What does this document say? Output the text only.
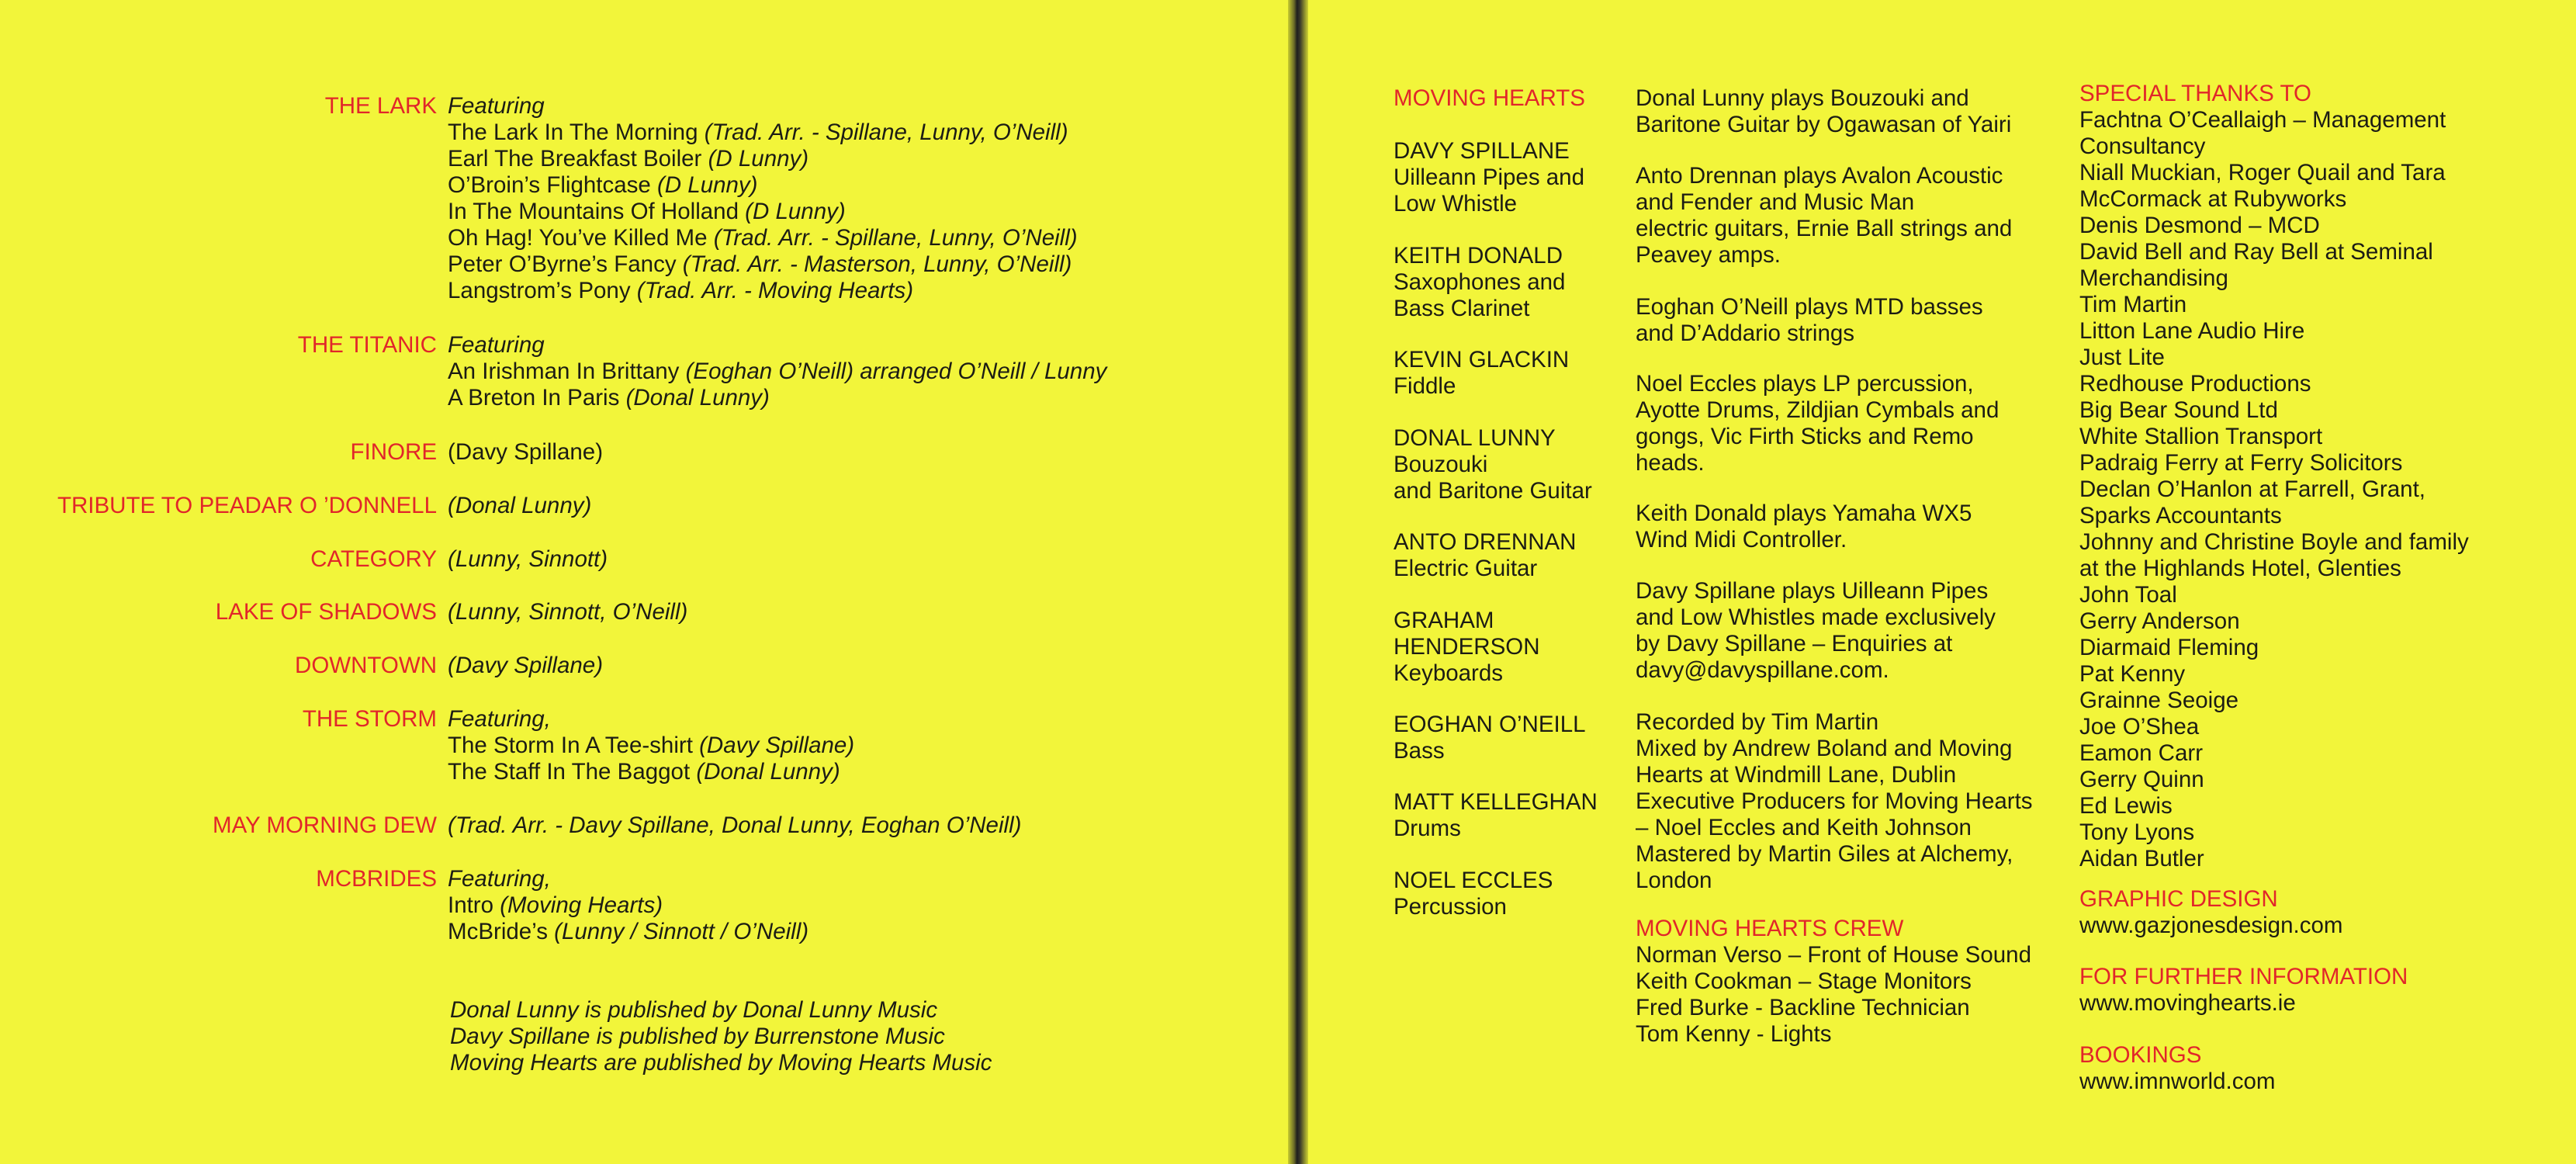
THE LARK Featuring
The Lark In The Morning (Trad. Arr. - Spillane, Lunny, O’Neill)
Earl The Breakfast Boiler (D Lunny)
O’Broin’s Flightcase (D Lunny)
In The Mountains Of Holland (D Lunny)
Oh Hag! You’ve Killed Me (Trad. Arr. - Spillane, Lunny, O’Neill)
Peter O’Byrne’s Fancy (Trad. Arr. - Masterson, Lunny, O’Neill)
Langstrom’s Pony (Trad. Arr. - Moving Hearts)
THE TITANIC Featuring
An Irishman In Brittany (Eoghan O’Neill) arranged O’Neill / Lunny
A Breton In Paris (Donal Lunny)
FINORE (Davy Spillane)
TRIBUTE TO PEADAR O ’DONNELL (Donal Lunny)
CATEGORY (Lunny, Sinnott)
LAKE OF SHADOWS (Lunny, Sinnott, O’Neill)
DOWNTOWN (Davy Spillane)
THE STORM Featuring,
The Storm In A Tee-shirt (Davy Spillane)
The Staff In The Baggot (Donal Lunny)
MAY MORNING DEW (Trad. Arr. - Davy Spillane, Donal Lunny, Eoghan O’Neill)
MCBRIDES Featuring,
Intro (Moving Hearts)
McBride’s (Lunny / Sinnott / O’Neill)
Donal Lunny is published by Donal Lunny Music
Davy Spillane is published by Burrenstone Music
Moving Hearts are published by Moving Hearts Music
MOVING HEARTS
DAVY SPILLANE
Uilleann Pipes and
Low Whistle
KEITH DONALD
Saxophones and
Bass Clarinet
KEVIN GLACKIN
Fiddle
DONAL LUNNY
Bouzouki
and Baritone Guitar
ANTO DRENNAN
Electric Guitar
GRAHAM
HENDERSON
Keyboards
EOGHAN O’NEILL
Bass
MATT KELLEGHAN
Drums
NOEL ECCLES
Percussion
Donal Lunny plays Bouzouki and
Baritone Guitar by Ogawasan of Yairi
Anto Drennan plays Avalon Acoustic
and Fender and Music Man
electric guitars, Ernie Ball strings and
Peavey amps.
Eoghan O’Neill plays MTD basses
and D’Addario strings
Noel Eccles plays LP percussion,
Ayotte Drums, Zildjian Cymbals and
gongs, Vic Firth Sticks and Remo
heads.
Keith Donald plays Yamaha WX5
Wind Midi Controller.
Davy Spillane plays Uilleann Pipes
and Low Whistles made exclusively
by Davy Spillane – Enquiries at
davy@davyspillane.com.
Recorded by Tim Martin
Mixed by Andrew Boland and Moving
Hearts at Windmill Lane, Dublin
Executive Producers for Moving Hearts
– Noel Eccles and Keith Johnson
Mastered by Martin Giles at Alchemy,
London
MOVING HEARTS CREW
Norman Verso – Front of House Sound
Keith Cookman – Stage Monitors
Fred Burke - Backline Technician
Tom Kenny - Lights
SPECIAL THANKS TO
Fachtna O’Ceallaigh – Management
Consultancy
Niall Muckian, Roger Quail and Tara
McCormack at Rubyworks
Denis Desmond – MCD
David Bell and Ray Bell at Seminal
Merchandising
Tim Martin
Litton Lane Audio Hire
Just Lite
Redhouse Productions
Big Bear Sound Ltd
White Stallion Transport
Padraig Ferry at Ferry Solicitors
Declan O’Hanlon at Farrell, Grant,
Sparks Accountants
Johnny and Christine Boyle and family
at the Highlands Hotel, Glenties
John Toal
Gerry Anderson
Diarmaid Fleming
Pat Kenny
Grainne Seoige
Joe O’Shea
Eamon Carr
Gerry Quinn
Ed Lewis
Tony Lyons
Aidan Butler
GRAPHIC DESIGN
www.gazjonesdesign.com
FOR FURTHER INFORMATION
www.movinghearts.ie
BOOKINGS
www.imnworld.com
